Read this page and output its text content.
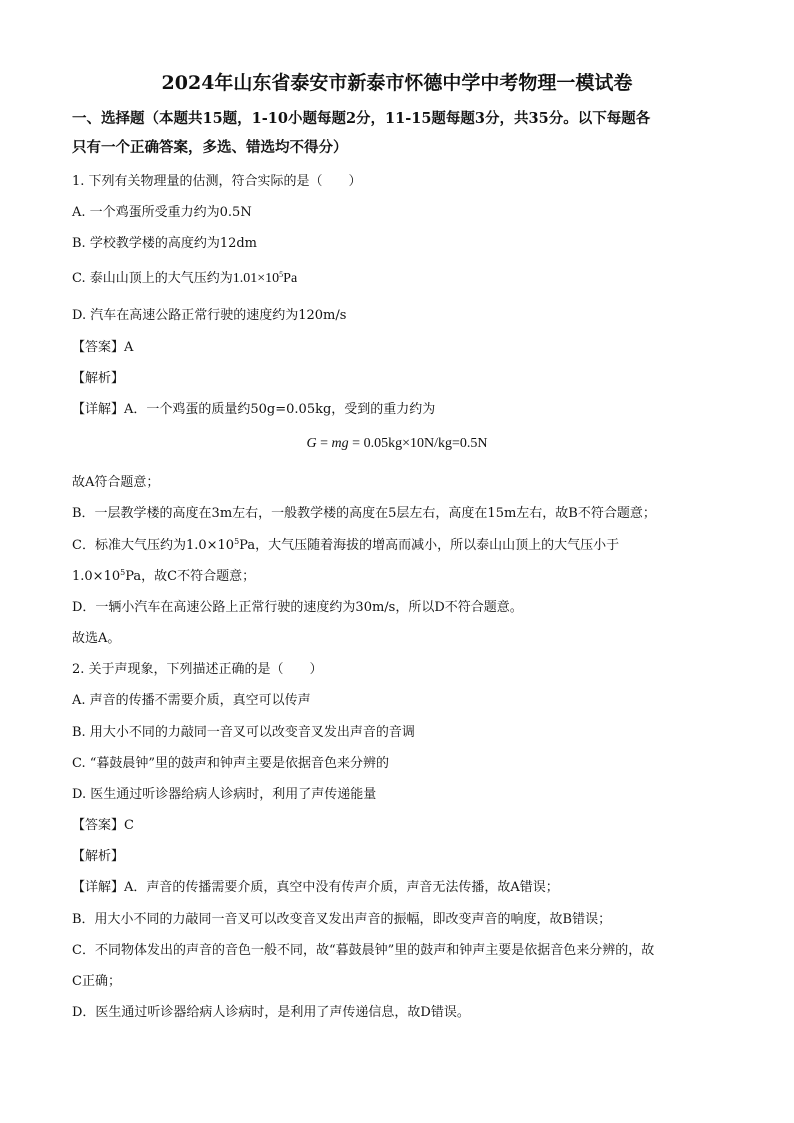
2024年山东省泰安市新泰市怀德中学中考物理一模试卷
一、选择题（本题共15题，1-10小题每题2分，11-15题每题3分，共35分。以下每题各
只有一个正确答案，多选、错选均不得分）
1. 下列有关物理量的估测，符合实际的是（　　）
A. 一个鸡蛋所受重力约为0.5N
B. 学校教学楼的高度约为12dm
C. 泰山山顶上的大气压约为$1.01\times 10^5Pa$
D. 汽车在高速公路正常行驶的速度约为120m/s
【答案】A
【解析】
【详解】A．一个鸡蛋的质量约50g=0.05kg，受到的重力约为
G = mg = 0.05kg×10N/kg=0.5N
故A符合题意；
B．一层教学楼的高度在3m左右，一般教学楼的高度在5层左右，高度在15m左右，故B不符合题意；
C．标准大气压约为$1.0\times 10^5Pa$，大气压随着海拔的增高而减小，所以泰山山顶上的大气压小于
$1.0\times 10^5Pa$，故C不符合题意；
D．一辆小汽车在高速公路上正常行驶的速度约为30m/s，所以D不符合题意。
故选A。
2. 关于声现象，下列描述正确的是（　　）
A. 声音的传播不需要介质，真空可以传声
B. 用大小不同的力敲同一音叉可以改变音叉发出声音的音调
C. “暮鼓晨钟”里的鼓声和钟声主要是依据音色来分辨的
D. 医生通过听诊器给病人诊病时，利用了声传递能量
【答案】C
【解析】
【详解】A．声音的传播需要介质，真空中没有传声介质，声音无法传播，故A错误；
B．用大小不同的力敲同一音叉可以改变音叉发出声音的振幅，即改变声音的响度，故B错误；
C．不同物体发出的声音的音色一般不同，故“暮鼓晨钟”里的鼓声和钟声主要是依据音色来分辨的，故
C正确；
D．医生通过听诊器给病人诊病时，是利用了声传递信息，故D错误。
